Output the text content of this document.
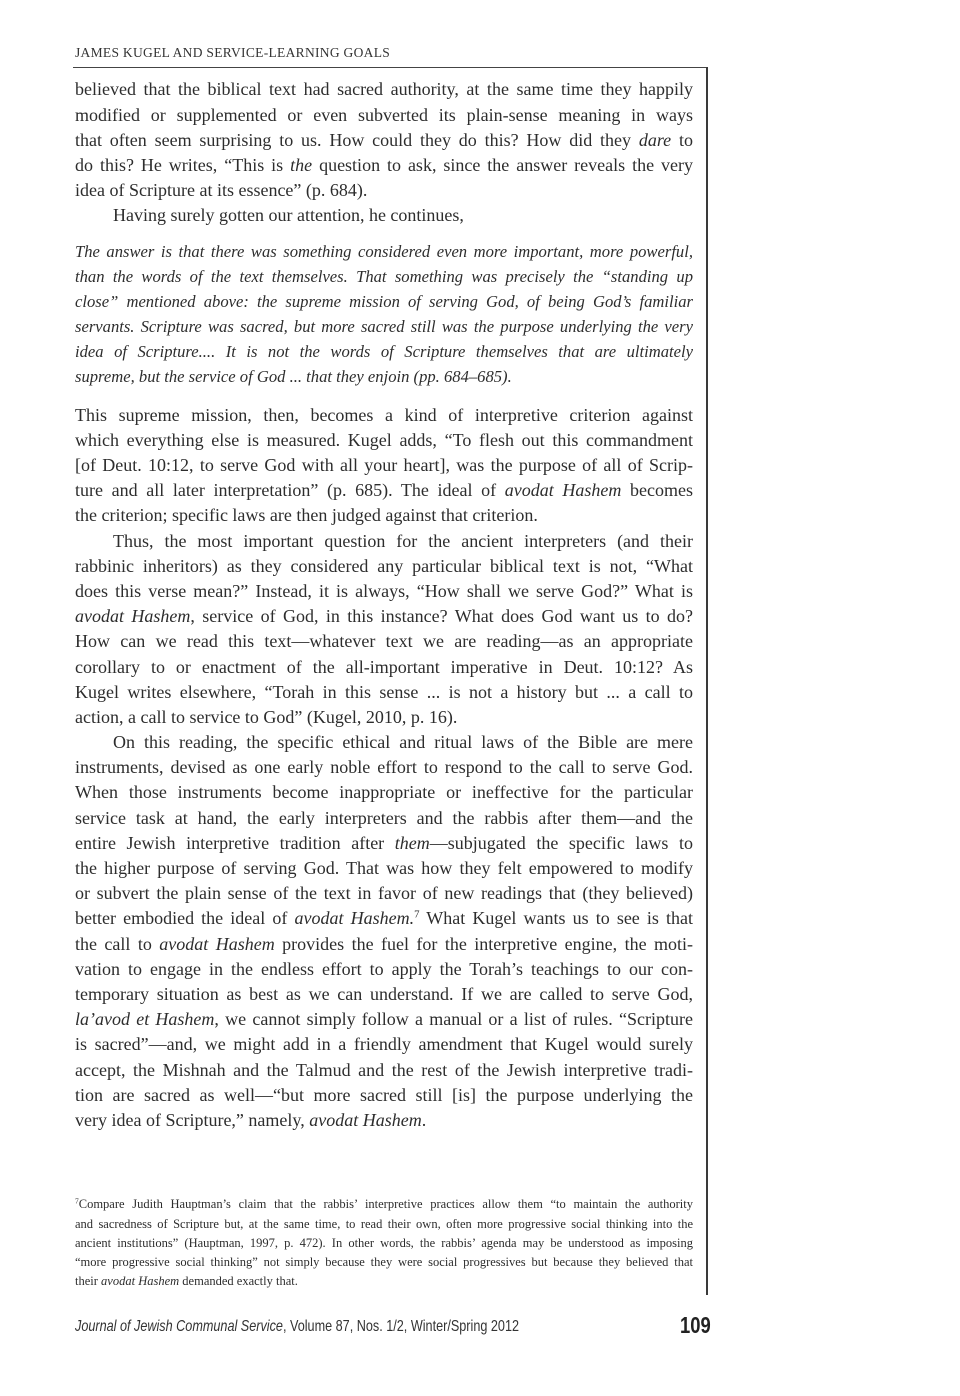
JAMES KUGEL AND SERVICE-LEARNING GOALS
believed that the biblical text had sacred authority, at the same time they happily
modified or supplemented or even subverted its plain-sense meaning in ways
that often seem surprising to us. How could they do this? How did they dare to
do this? He writes, “This is the question to ask, since the answer reveals the very
idea of Scripture at its essence” (p. 684).
Having surely gotten our attention, he continues,
The answer is that there was something considered even more important, more powerful,
than the words of the text themselves. That something was precisely the “standing up
close” mentioned above: the supreme mission of serving God, of being God’s familiar
servants. Scripture was sacred, but more sacred still was the purpose underlying the very
idea of Scripture.... It is not the words of Scripture themselves that are ultimately
supreme, but the service of God ... that they enjoin (pp. 684–685).
This supreme mission, then, becomes a kind of interpretive criterion against
which everything else is measured. Kugel adds, “To flesh out this commandment
[of Deut. 10:12, to serve God with all your heart], was the purpose of all of Scrip-
ture and all later interpretation” (p. 685). The ideal of avodat Hashem becomes
the criterion; specific laws are then judged against that criterion.
Thus, the most important question for the ancient interpreters (and their
rabbinic inheritors) as they considered any particular biblical text is not, “What
does this verse mean?” Instead, it is always, “How shall we serve God?” What is
avodat Hashem, service of God, in this instance? What does God want us to do?
How can we read this text—whatever text we are reading—as an appropriate
corollary to or enactment of the all-important imperative in Deut. 10:12? As
Kugel writes elsewhere, “Torah in this sense ... is not a history but ... a call to
action, a call to service to God” (Kugel, 2010, p. 16).
On this reading, the specific ethical and ritual laws of the Bible are mere
instruments, devised as one early noble effort to respond to the call to serve God.
When those instruments become inappropriate or ineffective for the particular
service task at hand, the early interpreters and the rabbis after them—and the
entire Jewish interpretive tradition after them—subjugated the specific laws to
the higher purpose of serving God. That was how they felt empowered to modify
or subvert the plain sense of the text in favor of new readings that (they believed)
better embodied the ideal of avodat Hashem.$^7$ What Kugel wants us to see is that
the call to avodat Hashem provides the fuel for the interpretive engine, the moti-
vation to engage in the endless effort to apply the Torah’s teachings to our con-
temporary situation as best as we can understand. If we are called to serve God,
la’avod et Hashem, we cannot simply follow a manual or a list of rules. “Scripture
is sacred”—and, we might add in a friendly amendment that Kugel would surely
accept, the Mishnah and the Talmud and the rest of the Jewish interpretive tradi-
tion are sacred as well—“but more sacred still [is] the purpose underlying the
very idea of Scripture,” namely, avodat Hashem.
$^7$Compare Judith Hauptman’s claim that the rabbis’ interpretive practices allow them “to maintain the authority
and sacredness of Scripture but, at the same time, to read their own, often more progressive social thinking into the
ancient institutions” (Hauptman, 1997, p. 472). In other words, the rabbis’ agenda may be understood as imposing
“more progressive social thinking” not simply because they were social progressives but because they believed that
their avodat Hashem demanded exactly that.
Journal of Jewish Communal Service, Volume 87, Nos. 1/2, Winter/Spring 2012	109
